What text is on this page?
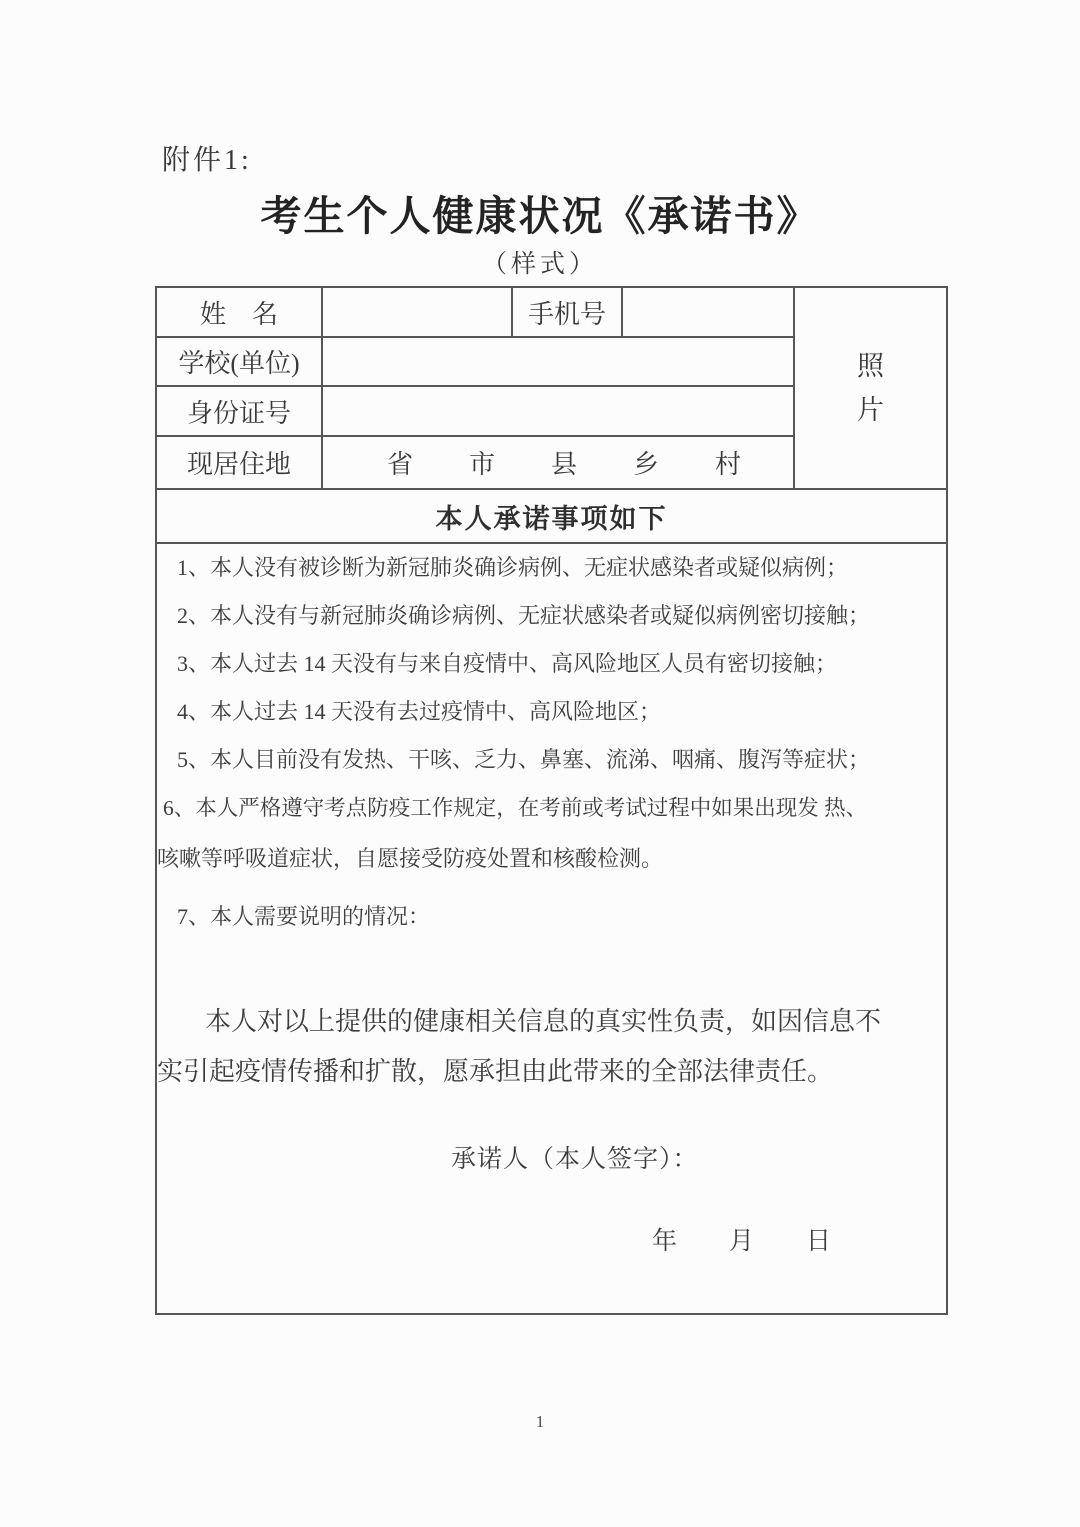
附件1:
考生个人健康状况《承诺书》
（样式）
姓　名		手机号		照
片

学校(单位)				
身份证号				
现居住地	省 市 县 乡 村			

本人承诺事项如下				

1、本人没有被诊断为新冠肺炎确诊病例、无症状感染者或疑似病例；

2、本人没有与新冠肺炎确诊病例、无症状感染者或疑似病例密切接触；

3、本人过去 14 天没有与来自疫情中、高风险地区人员有密切接触；

4、本人过去 14 天没有去过疫情中、高风险地区；

5、本人目前没有发热、干咳、乏力、鼻塞、流涕、咽痛、腹泻等症状；

6、本人严格遵守考点防疫工作规定，在考前或考试过程中如果出现发 热、

咳嗽等呼吸道症状，自愿接受防疫处置和核酸检测。

7、本人需要说明的情况：

本人对以上提供的健康相关信息的真实性负责，如因信息不

实引起疫情传播和扩散，愿承担由此带来的全部法律责任。

承诺人（本人签字）：
年 月 日
1
